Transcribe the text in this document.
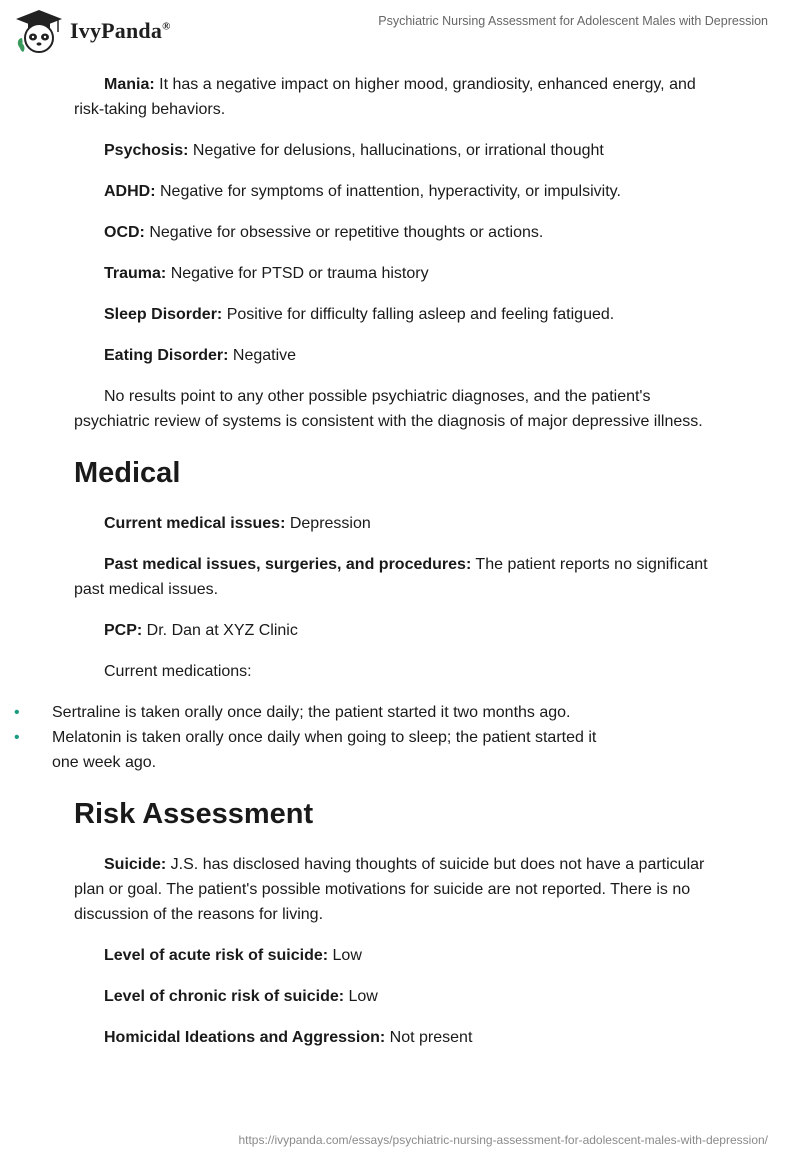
IvyPanda®	Psychiatric Nursing Assessment for Adolescent Males with Depression

Mania: It has a negative impact on higher mood, grandiosity, enhanced energy, and risk-taking behaviors.

Psychosis: Negative for delusions, hallucinations, or irrational thought

ADHD: Negative for symptoms of inattention, hyperactivity, or impulsivity.

OCD: Negative for obsessive or repetitive thoughts or actions.

Trauma: Negative for PTSD or trauma history

Sleep Disorder: Positive for difficulty falling asleep and feeling fatigued.

Eating Disorder: Negative

No results point to any other possible psychiatric diagnoses, and the patient's psychiatric review of systems is consistent with the diagnosis of major depressive illness.

Medical

Current medical issues: Depression

Past medical issues, surgeries, and procedures: The patient reports no significant past medical issues.

PCP: Dr. Dan at XYZ Clinic

Current medications:

• Sertraline is taken orally once daily; the patient started it two months ago.
• Melatonin is taken orally once daily when going to sleep; the patient started it one week ago.
Risk Assessment

Suicide: J.S. has disclosed having thoughts of suicide but does not have a particular plan or goal. The patient's possible motivations for suicide are not reported. There is no discussion of the reasons for living.

Level of acute risk of suicide: Low

Level of chronic risk of suicide: Low

Homicidal Ideations and Aggression: Not present

https://ivypanda.com/essays/psychiatric-nursing-assessment-for-adolescent-males-with-depression/
